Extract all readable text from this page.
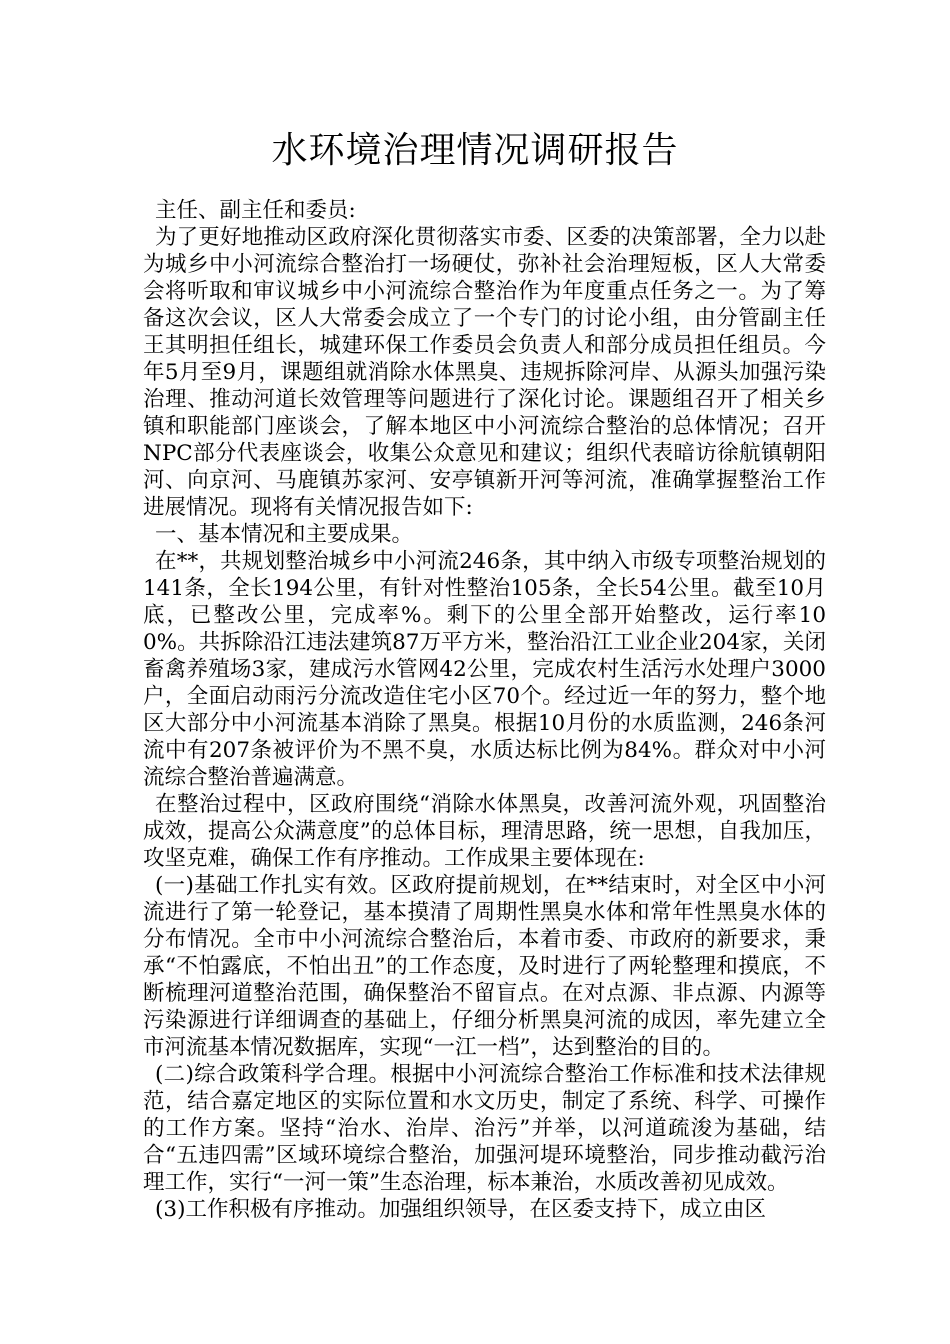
水环境治理情况调研报告

主任、副主任和委员:

为了更好地推动区政府深化贯彻落实市委、区委的决策部署，全力以赴为城乡中小河流综合整治打一场硬仗，弥补社会治理短板，区人大常委会将听取和审议城乡中小河流综合整治作为年度重点任务之一。为了筹备这次会议，区人大常委会成立了一个专门的讨论小组，由分管副主任王其明担任组长，城建环保工作委员会负责人和部分成员担任组员。今年5月至9月，课题组就消除水体黑臭、违规拆除河岸、从源头加强污染治理、推动河道长效管理等问题进行了深化讨论。课题组召开了相关乡镇和职能部门座谈会，了解本地区中小河流综合整治的总体情况；召开NPC部分代表座谈会，收集公众意见和建议；组织代表暗访徐航镇朝阳河、向京河、马鹿镇苏家河、安亭镇新开河等河流，准确掌握整治工作进展情况。现将有关情况报告如下:

一、基本情况和主要成果。

在**，共规划整治城乡中小河流246条，其中纳入市级专项整治规划的141条，全长194公里，有针对性整治105条，全长54公里。截至10月底，已整改公里，完成率%。剩下的公里全部开始整改，运行率100%。共拆除沿江违法建筑87万平方米，整治沿江工业企业204家，关闭畜禽养殖场3家，建成污水管网42公里，完成农村生活污水处理户3000户，全面启动雨污分流改造住宅小区70个。经过近一年的努力，整个地区大部分中小河流基本消除了黑臭。根据10月份的水质监测，246条河流中有207条被评价为不黑不臭，水质达标比例为84%。群众对中小河流综合整治普遍满意。

在整治过程中，区政府围绕“消除水体黑臭，改善河流外观，巩固整治成效，提高公众满意度”的总体目标，理清思路，统一思想，自我加压，攻坚克难，确保工作有序推动。工作成果主要体现在:

(一)基础工作扎实有效。区政府提前规划，在**结束时，对全区中小河流进行了第一轮登记，基本摸清了周期性黑臭水体和常年性黑臭水体的分布情况。全市中小河流综合整治后，本着市委、市政府的新要求，秉承“不怕露底，不怕出丑”的工作态度，及时进行了两轮整理和摸底，不断梳理河道整治范围，确保整治不留盲点。在对点源、非点源、内源等污染源进行详细调查的基础上，仔细分析黑臭河流的成因，率先建立全市河流基本情况数据库，实现“一江一档”，达到整治的目的。

(二)综合政策科学合理。根据中小河流综合整治工作标准和技术法律规范，结合嘉定地区的实际位置和水文历史，制定了系统、科学、可操作的工作方案。坚持“治水、治岸、治污”并举，以河道疏浚为基础，结合“五违四需”区域环境综合整治，加强河堤环境整治，同步推动截污治理工作，实行“一河一策”生态治理，标本兼治，水质改善初见成效。

(3)工作积极有序推动。加强组织领导，在区委支持下，成立由区
